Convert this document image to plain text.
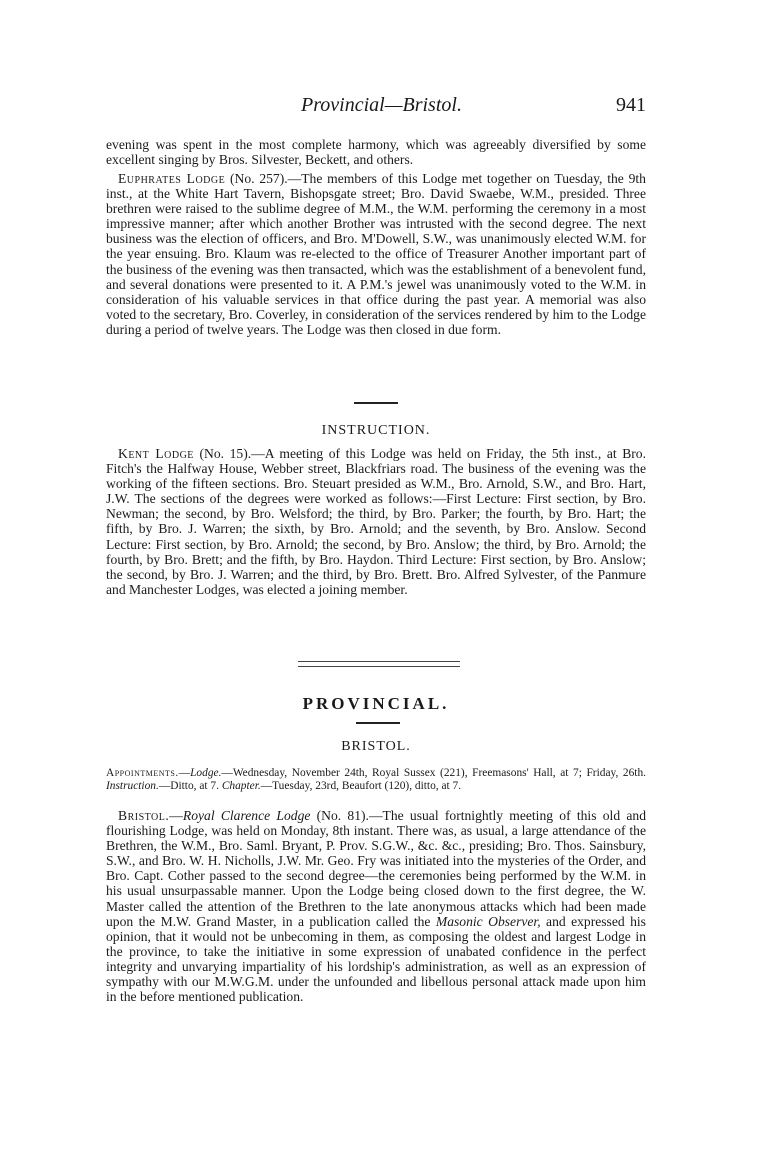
Provincial—Bristol.	941

evening was spent in the most complete harmony, which was agreeably diversified by some excellent singing by Bros. Silvester, Beckett, and others.

Euphrates Lodge (No. 257).—The members of this Lodge met together on Tuesday, the 9th inst., at the White Hart Tavern, Bishopsgate street; Bro. David Swaebe, W.M., presided. Three brethren were raised to the sublime degree of M.M., the W.M. performing the ceremony in a most impressive manner; after which another Brother was intrusted with the second degree. The next business was the election of officers, and Bro. M'Dowell, S.W., was unanimously elected W.M. for the year ensuing. Bro. Klaum was re-elected to the office of Treasurer Another important part of the business of the evening was then transacted, which was the establishment of a benevolent fund, and several donations were presented to it. A P.M.'s jewel was unanimously voted to the W.M. in consideration of his valuable services in that office during the past year. A memorial was also voted to the secretary, Bro. Coverley, in consideration of the services rendered by him to the Lodge during a period of twelve years. The Lodge was then closed in due form.

INSTRUCTION.

Kent Lodge (No. 15).—A meeting of this Lodge was held on Friday, the 5th inst., at Bro. Fitch's the Halfway House, Webber street, Blackfriars road. The business of the evening was the working of the fifteen sections. Bro. Steuart presided as W.M., Bro. Arnold, S.W., and Bro. Hart, J.W. The sections of the degrees were worked as follows:—First Lecture: First section, by Bro. Newman; the second, by Bro. Welsford; the third, by Bro. Parker; the fourth, by Bro. Hart; the fifth, by Bro. J. Warren; the sixth, by Bro. Arnold; and the seventh, by Bro. Anslow. Second Lecture: First section, by Bro. Arnold; the second, by Bro. Anslow; the third, by Bro. Arnold; the fourth, by Bro. Brett; and the fifth, by Bro. Haydon. Third Lecture: First section, by Bro. Anslow; the second, by Bro. J. Warren; and the third, by Bro. Brett. Bro. Alfred Sylvester, of the Panmure and Manchester Lodges, was elected a joining member.

PROVINCIAL.

BRISTOL.

Appointments.—Lodge.—Wednesday, November 24th, Royal Sussex (221), Freemasons' Hall, at 7; Friday, 26th. Instruction.—Ditto, at 7. Chapter.—Tuesday, 23rd, Beaufort (120), ditto, at 7.

Bristol.—Royal Clarence Lodge (No. 81).—The usual fortnightly meeting of this old and flourishing Lodge, was held on Monday, 8th instant. There was, as usual, a large attendance of the Brethren, the W.M., Bro. Saml. Bryant, P. Prov. S.G.W., &c. &c., presiding; Bro. Thos. Sainsbury, S.W., and Bro. W. H. Nicholls, J.W. Mr. Geo. Fry was initiated into the mysteries of the Order, and Bro. Capt. Cother passed to the second degree—the ceremonies being performed by the W.M. in his usual unsurpassable manner. Upon the Lodge being closed down to the first degree, the W. Master called the attention of the Brethren to the late anonymous attacks which had been made upon the M.W. Grand Master, in a publication called the Masonic Observer, and expressed his opinion, that it would not be unbecoming in them, as composing the oldest and largest Lodge in the province, to take the initiative in some expression of unabated confidence in the perfect integrity and unvarying impartiality of his lordship's administration, as well as an expression of sympathy with our M.W.G.M. under the unfounded and libellous personal attack made upon him in the before mentioned publication.
